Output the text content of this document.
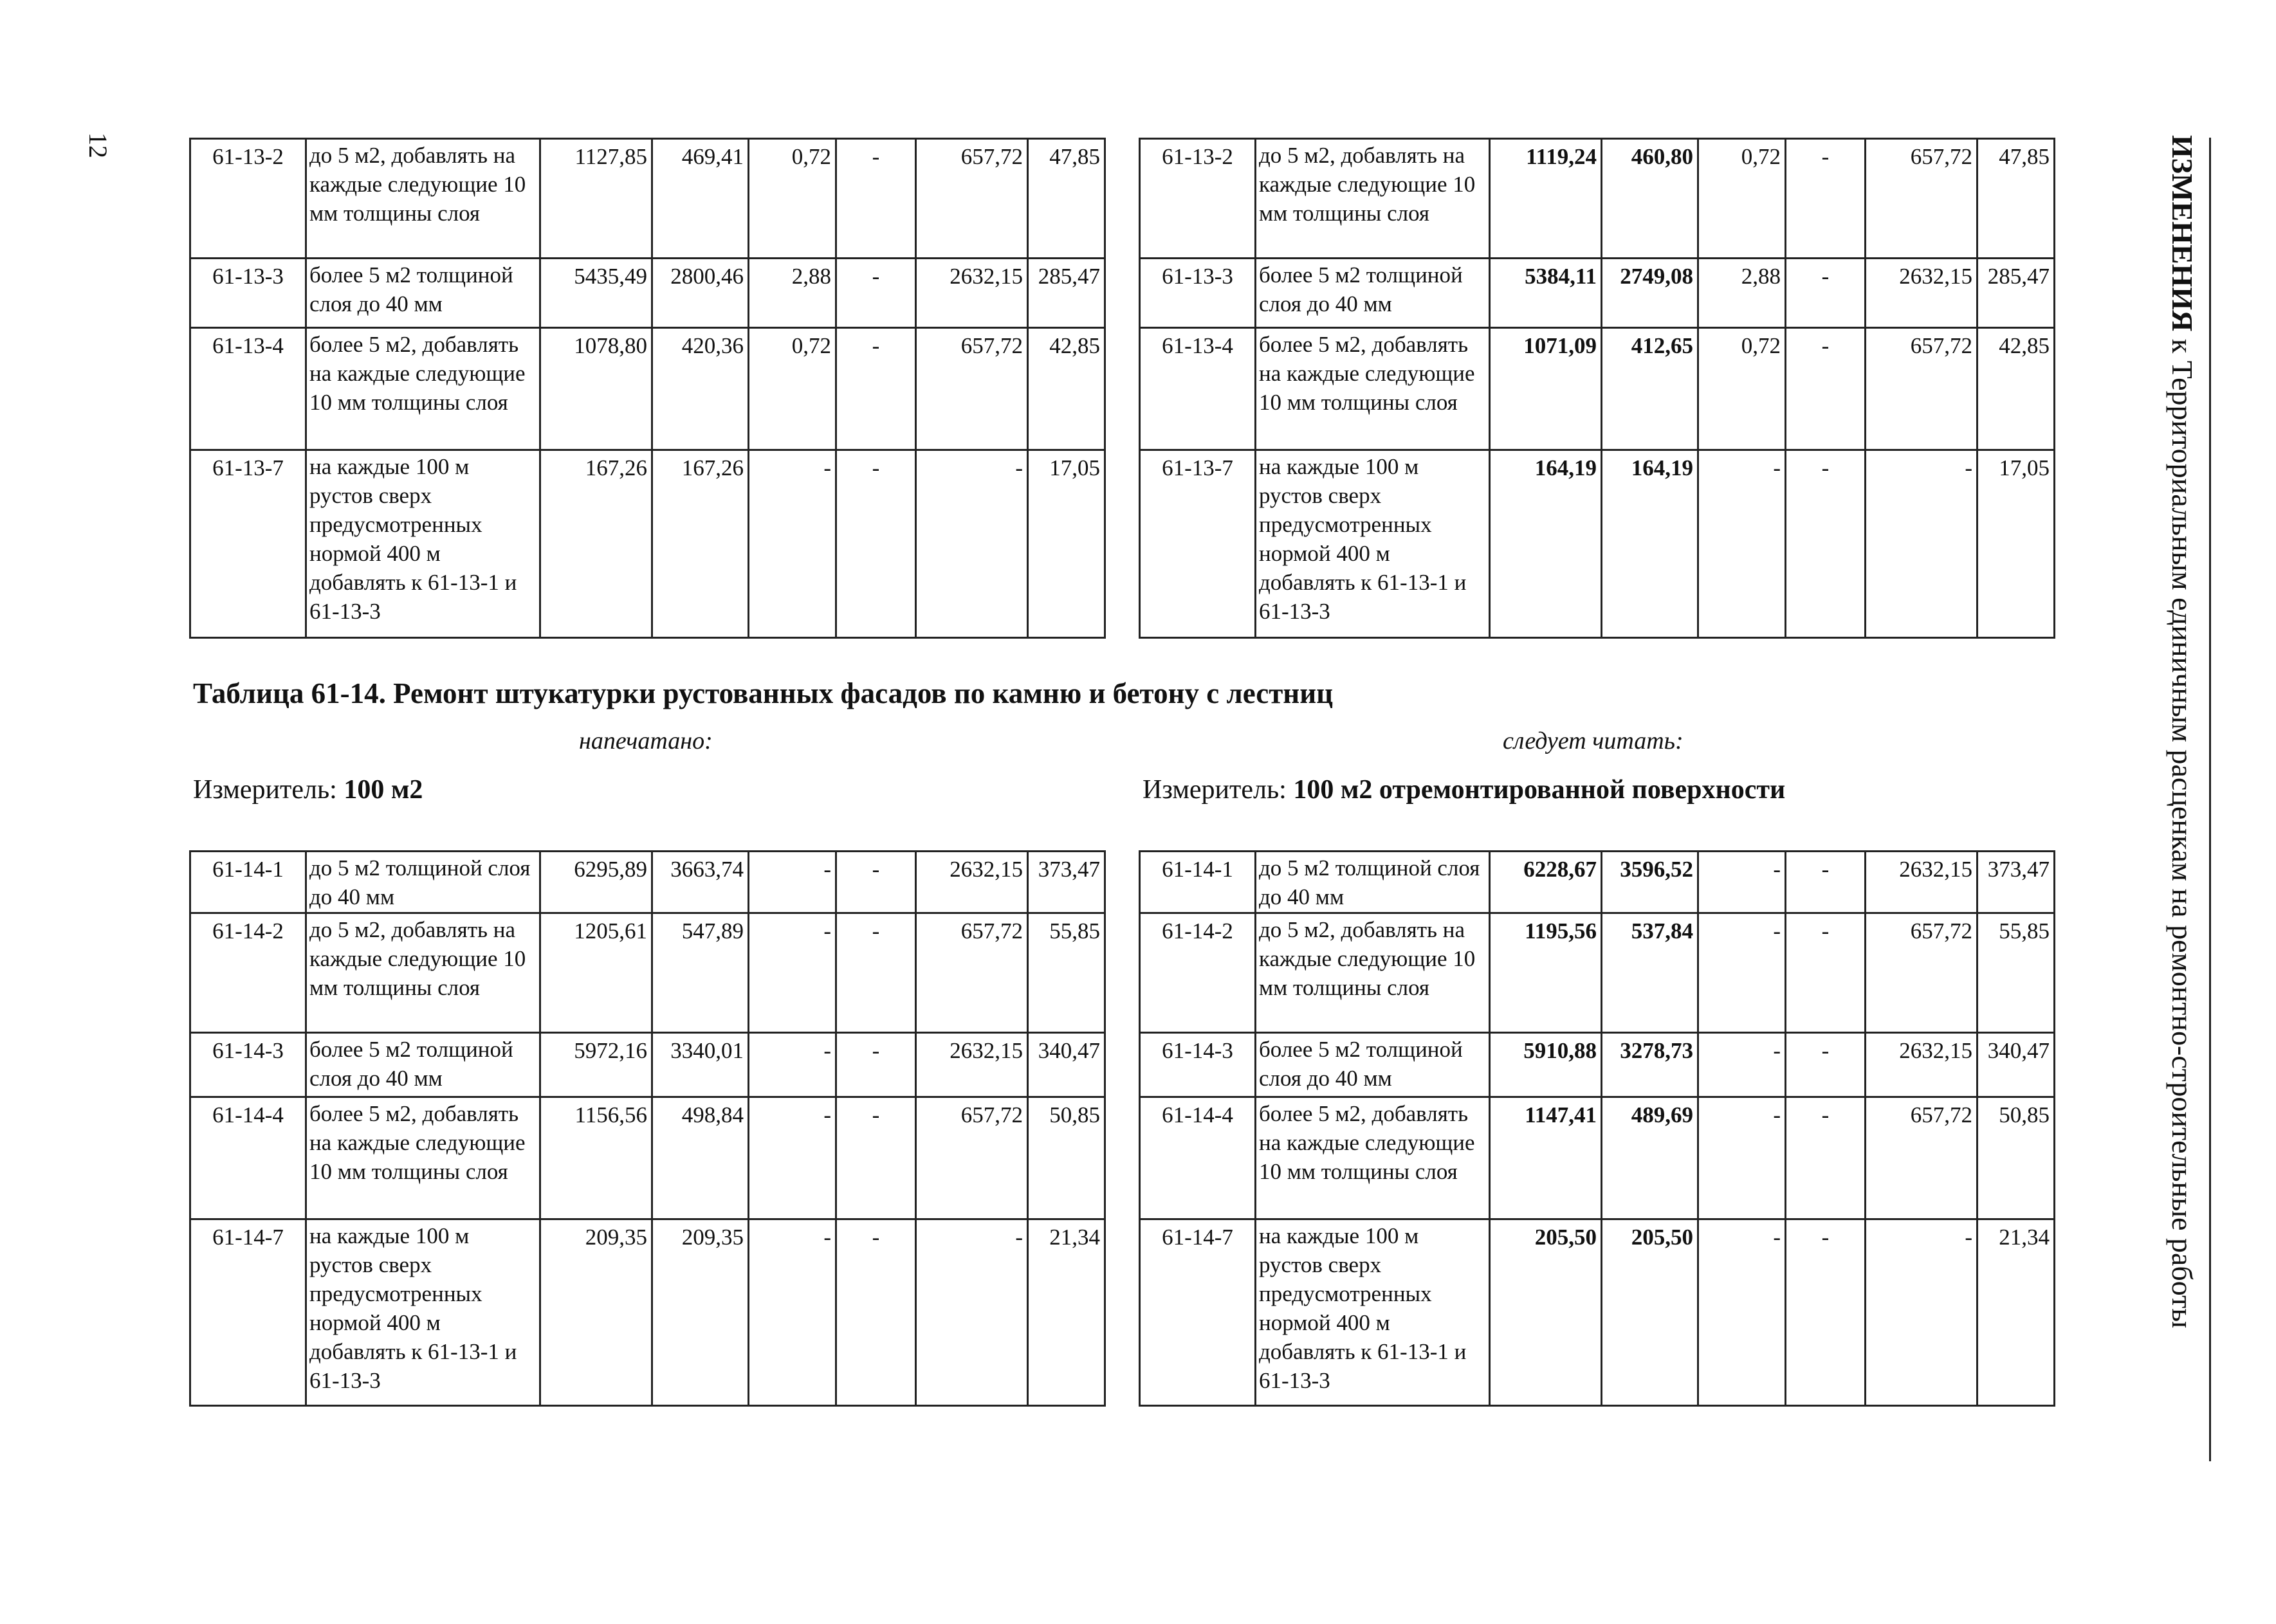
12	ИЗМЕНЕНИЯ к Территориальным единичным расценкам на ремонтно-строительные работы
61-13-2	до 5 м2, добавлять на каждые следующие 10 мм толщины слоя	1127,85	469,41	0,72	-	657,72	47,85
61-13-3	более 5 м2 толщиной слоя до 40 мм	5435,49	2800,46	2,88	-	2632,15	285,47
61-13-4	более 5 м2, добавлять на каждые следующие 10 мм толщины слоя	1078,80	420,36	0,72	-	657,72	42,85
61-13-7	на каждые 100 м рустов сверх предусмотренных нормой 400 м добавлять к 61-13-1 и 61-13-3	167,26	167,26	-	-	-	17,05
61-13-2	до 5 м2, добавлять на каждые следующие 10 мм толщины слоя	1119,24	460,80	0,72	-	657,72	47,85
61-13-3	более 5 м2 толщиной слоя до 40 мм	5384,11	2749,08	2,88	-	2632,15	285,47
61-13-4	более 5 м2, добавлять на каждые следующие 10 мм толщины слоя	1071,09	412,65	0,72	-	657,72	42,85
61-13-7	на каждые 100 м рустов сверх предусмотренных нормой 400 м добавлять к 61-13-1 и 61-13-3	164,19	164,19	-	-	-	17,05
Таблица 61-14. Ремонт штукатурки рустованных фасадов по камню и бетону с лестниц
напечатано:	следует читать:
Измеритель: 100 м2	Измеритель: 100 м2 отремонтированной поверхности
61-14-1	до 5 м2 толщиной слоя до 40 мм	6295,89	3663,74	-	-	2632,15	373,47
61-14-2	до 5 м2, добавлять на каждые следующие 10 мм толщины слоя	1205,61	547,89	-	-	657,72	55,85
61-14-3	более 5 м2 толщиной слоя до 40 мм	5972,16	3340,01	-	-	2632,15	340,47
61-14-4	более 5 м2, добавлять на каждые следующие 10 мм толщины слоя	1156,56	498,84	-	-	657,72	50,85
61-14-7	на каждые 100 м рустов сверх предусмотренных нормой 400 м добавлять к 61-13-1 и 61-13-3	209,35	209,35	-	-	-	21,34
61-14-1	до 5 м2 толщиной слоя до 40 мм	6228,67	3596,52	-	-	2632,15	373,47
61-14-2	до 5 м2, добавлять на каждые следующие 10 мм толщины слоя	1195,56	537,84	-	-	657,72	55,85
61-14-3	более 5 м2 толщиной слоя до 40 мм	5910,88	3278,73	-	-	2632,15	340,47
61-14-4	более 5 м2, добавлять на каждые следующие 10 мм толщины слоя	1147,41	489,69	-	-	657,72	50,85
61-14-7	на каждые 100 м рустов сверх предусмотренных нормой 400 м добавлять к 61-13-1 и 61-13-3	205,50	205,50	-	-	-	21,34
